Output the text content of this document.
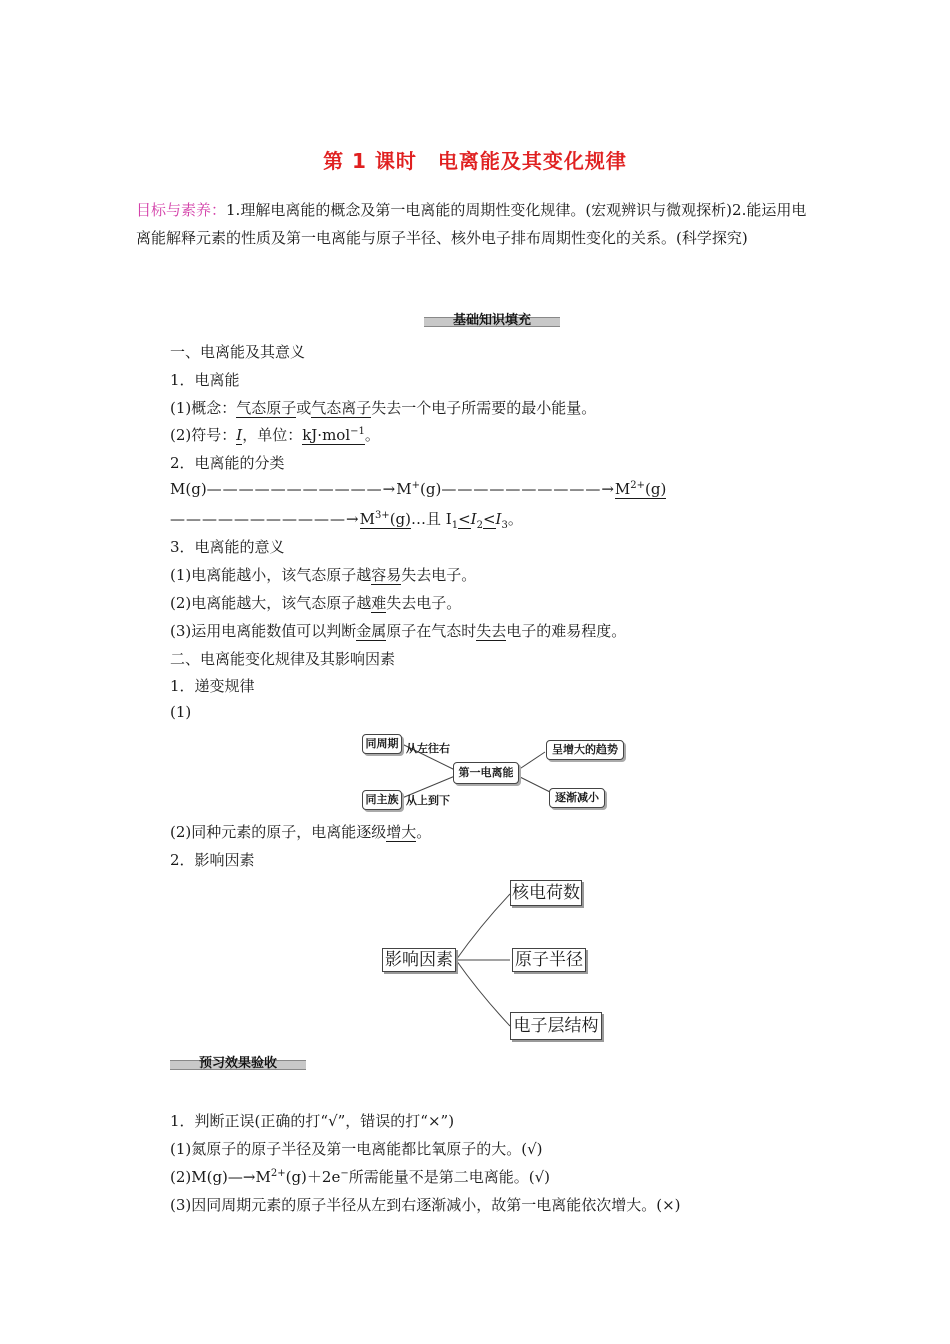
第 1 课时　电离能及其变化规律
目标与素养：1.理解电离能的概念及第一电离能的周期性变化规律。(宏观辨识与微观探析)2.能运用电离能解释元素的性质及第一电离能与原子半径、核外电子排布周期性变化的关系。(科学探究)
基础知识填充
一、电离能及其意义
1．电离能
(1)概念：气态原子或气态离子失去一个电子所需要的最小能量。
(2)符号：I，单位：kJ·mol$^{-1}$。
2．电离能的分类
$M(g)———————————\to M^+(g)——————————\to M^{2+}(g)$
$———————————\to M^{3+}(g)\dots$且 $I_1<I_2<I_3$。
3．电离能的意义
(1)电离能越小，该气态原子越容易失去电子。
(2)电离能越大，该气态原子越难失去电子。
(3)运用电离能数值可以判断金属原子在气态时失去电子的难易程度。
二、电离能变化规律及其影响因素
1．递变规律
(1)
同周期 从左往右
第一电离能
呈增大的趋势
同主族 从上到下	逐渐减小
(2)同种元素的原子，电离能逐级增大。
2．影响因素
影响因素
核电荷数
原子半径
电子层结构
预习效果验收
1．判断正误(正确的打“√”，错误的打“×”)
(1)氮原子的原子半径及第一电离能都比氧原子的大。(√)
$(2)M(g)—\to M^{2+}(g)+2e^-$所需能量不是第二电离能。(√)
(3)因同周期元素的原子半径从左到右逐渐减小，故第一电离能依次增大。(×)
